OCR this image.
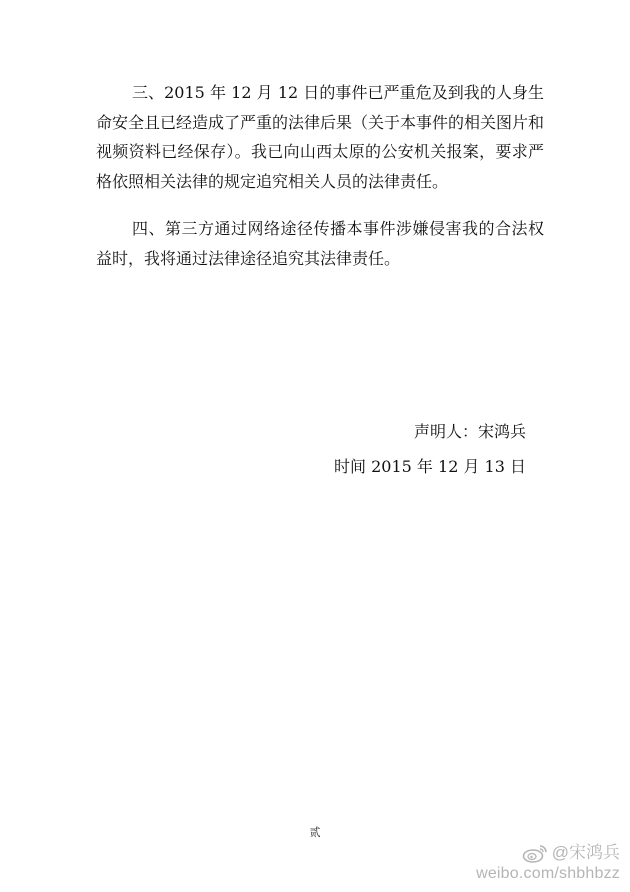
三、2015 年 12 月 12 日的事件已严重危及到我的人身生命安全且已经造成了严重的法律后果（关于本事件的相关图片和视频资料已经保存）。我已向山西太原的公安机关报案，要求严格依照相关法律的规定追究相关人员的法律责任。

四、第三方通过网络途径传播本事件涉嫌侵害我的合法权益时，我将通过法律途径追究其法律责任。

声明人：宋鸿兵
时间 2015 年 12 月 13 日
贰
@宋鸿兵
weibo.com/shbhbzz
